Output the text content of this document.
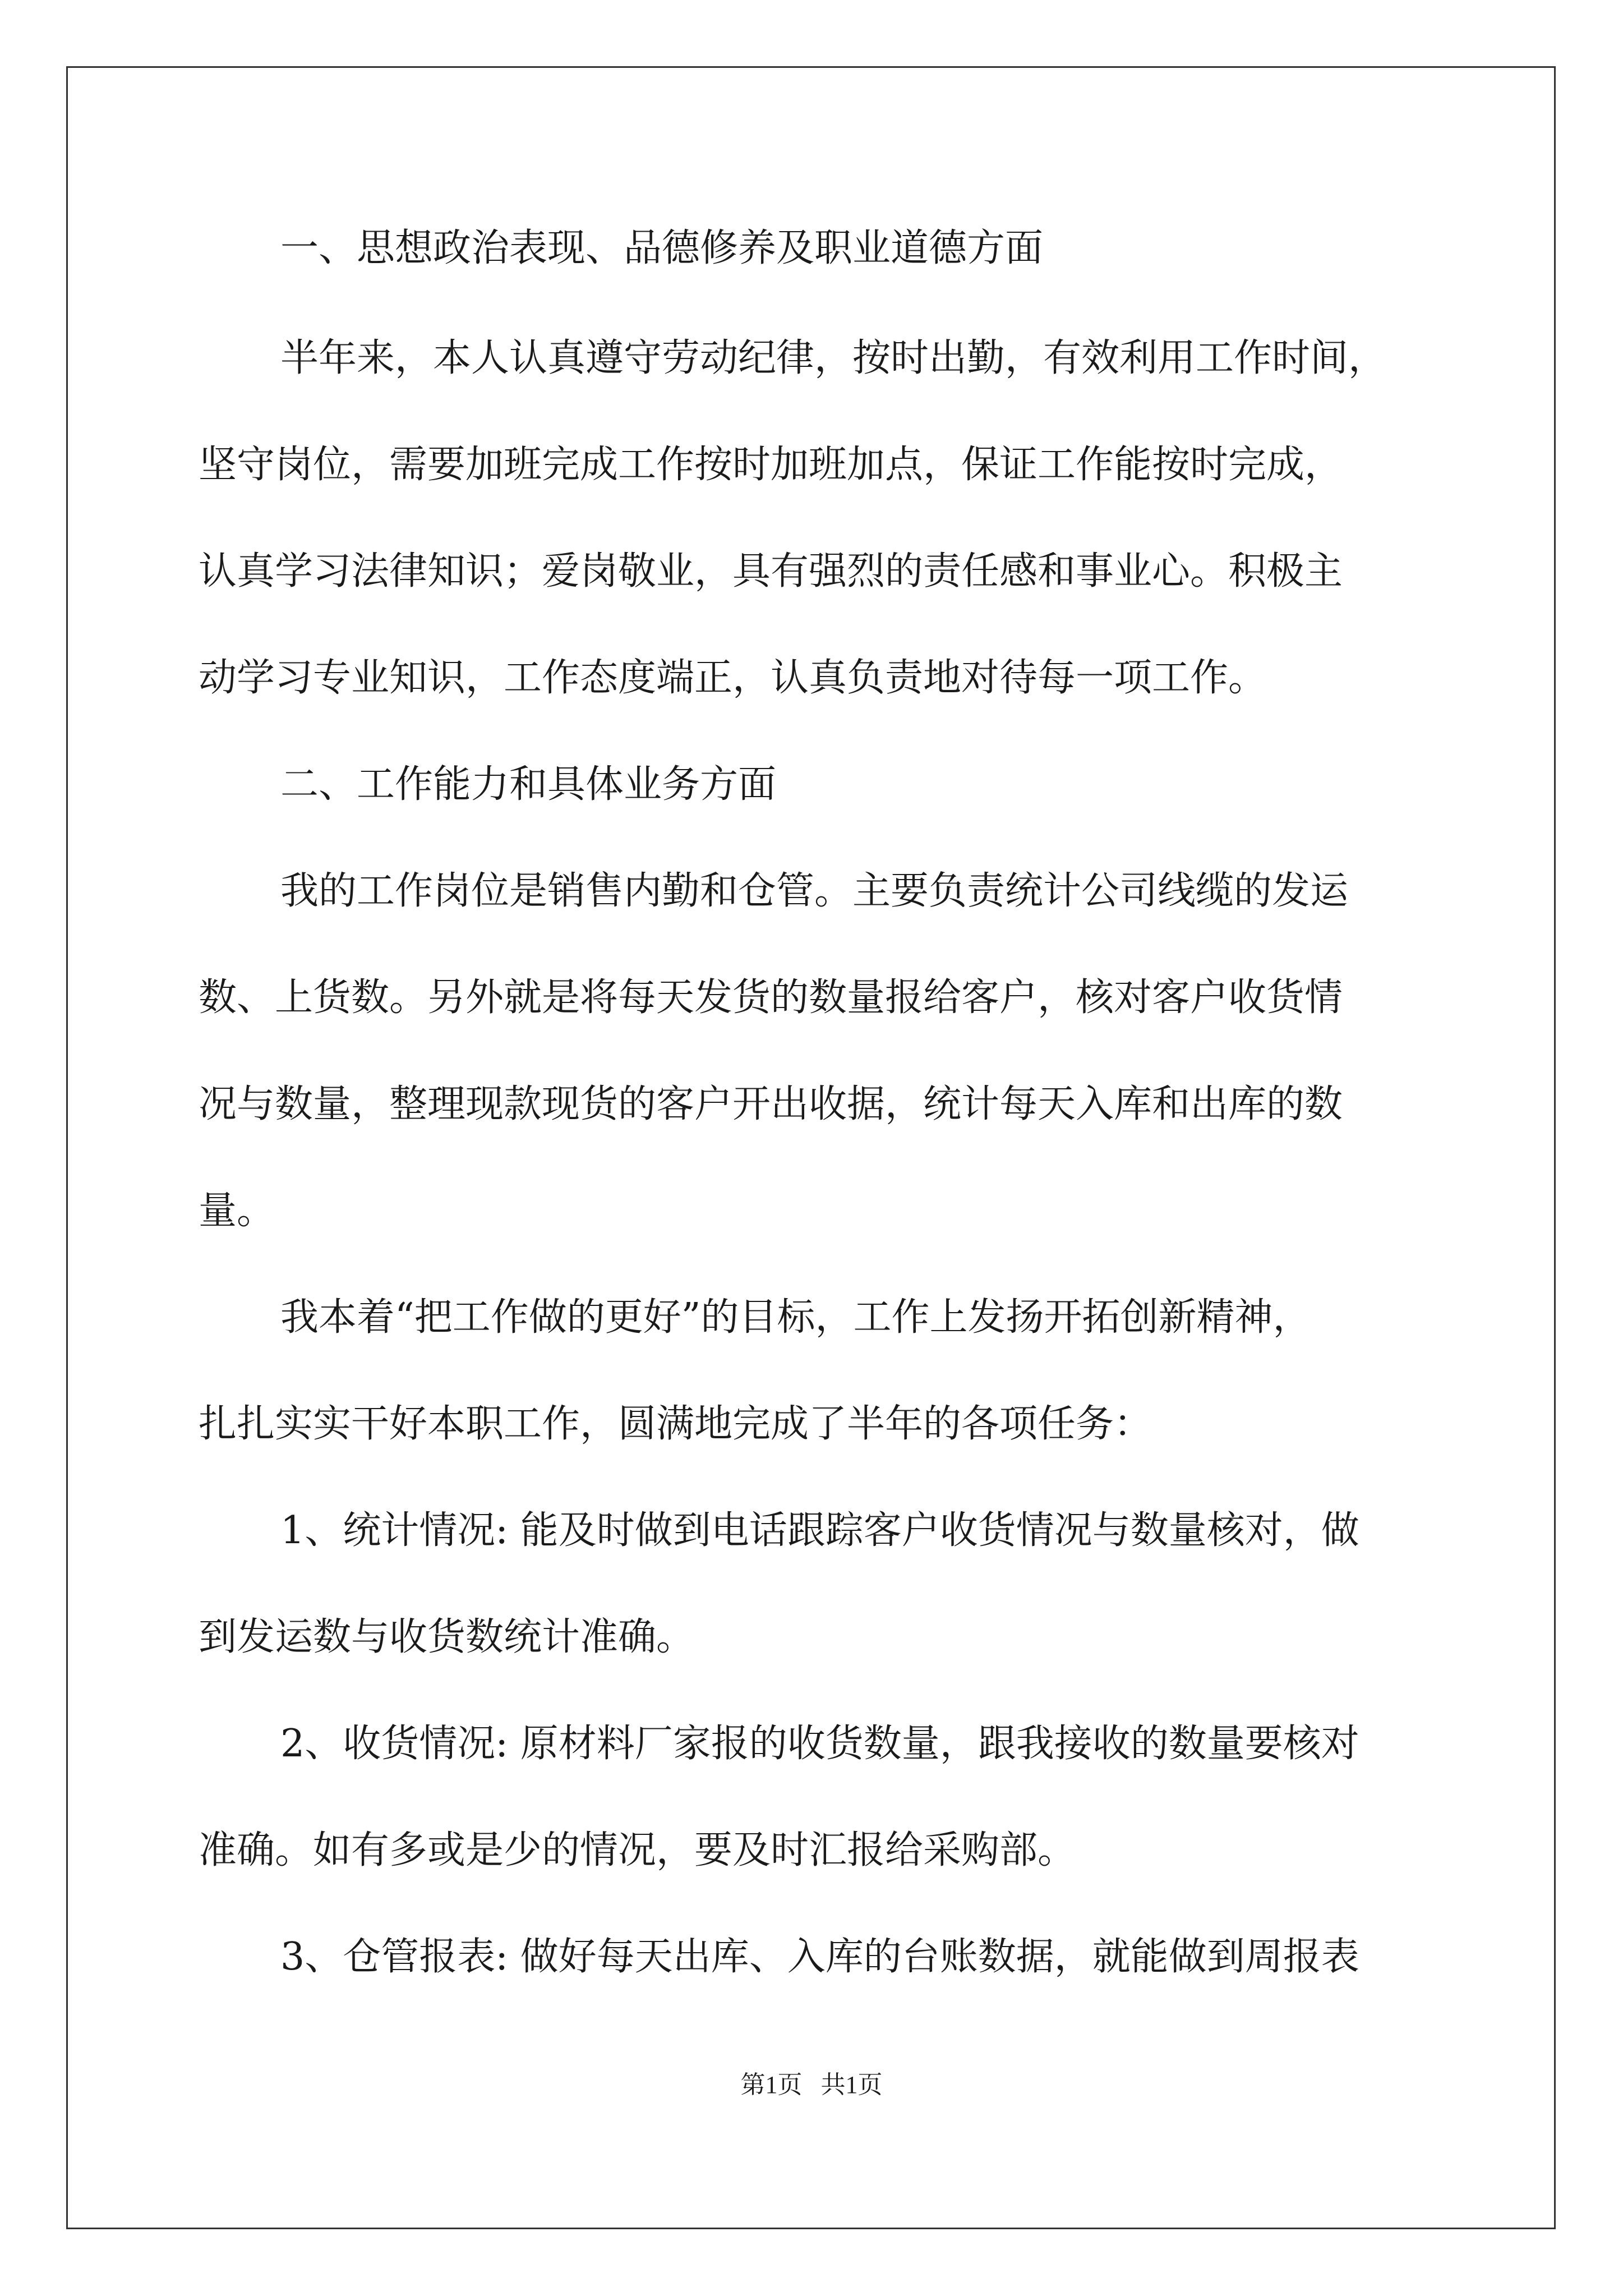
一、思想政治表现、品德修养及职业道德方面
半年来，本人认真遵守劳动纪律，按时出勤，有效利用工作时间，
坚守岗位，需要加班完成工作按时加班加点，保证工作能按时完成，
认真学习法律知识；爱岗敬业，具有强烈的责任感和事业心。积极主
动学习专业知识，工作态度端正，认真负责地对待每一项工作。
二、工作能力和具体业务方面
我的工作岗位是销售内勤和仓管。主要负责统计公司线缆的发运
数、上货数。另外就是将每天发货的数量报给客户，核对客户收货情
况与数量，整理现款现货的客户开出收据，统计每天入库和出库的数
量。
我本着“把工作做的更好”的目标，工作上发扬开拓创新精神，
扎扎实实干好本职工作，圆满地完成了半年的各项任务：
1、统计情况: 能及时做到电话跟踪客户收货情况与数量核对，做
到发运数与收货数统计准确。
2、收货情况: 原材料厂家报的收货数量，跟我接收的数量要核对
准确。如有多或是少的情况，要及时汇报给采购部。
3、仓管报表: 做好每天出库、入库的台账数据，就能做到周报表
第1页   共1页
